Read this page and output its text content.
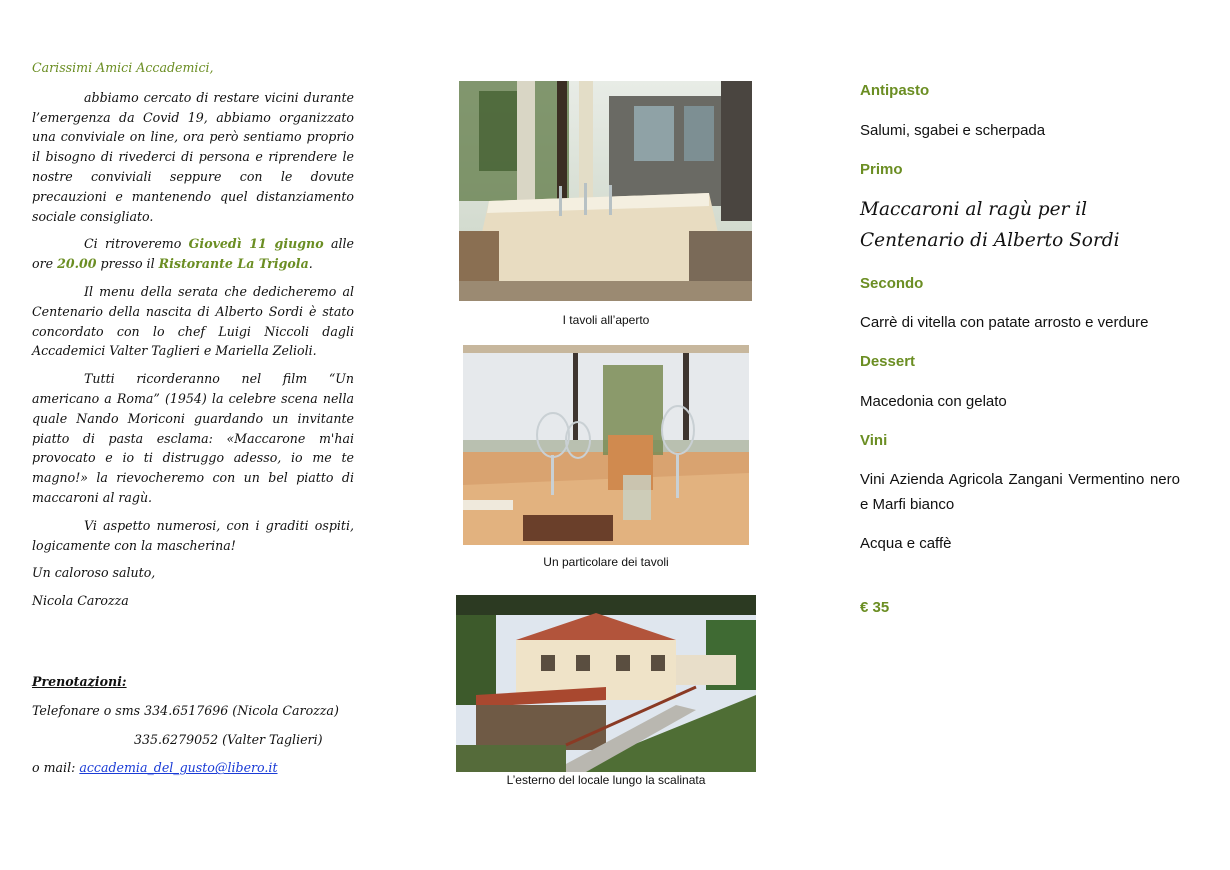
Carissimi Amici Accademici,

abbiamo cercato di restare vicini durante l’emergenza da Covid 19, abbiamo organizzato una conviviale on line, ora però sentiamo proprio il bisogno di rivederci di persona e riprendere le nostre conviviali seppure con le dovute precauzioni e mantenendo quel distanziamento sociale consigliato.

Ci ritroveremo Giovedì 11 giugno alle ore 20.00 presso il Ristorante La Trigola.

Il menu della serata che dedicheremo al Centenario della nascita di Alberto Sordi è stato concordato con lo chef Luigi Niccoli dagli Accademici Valter Taglieri e Mariella Zelioli.

Tutti ricorderanno nel film “Un americano a Roma” (1954) la celebre scena nella quale Nando Moriconi guardando un invitante piatto di pasta esclama: «Maccarone m'hai provocato e io ti distruggo adesso, io me te magno!» la rievocheremo con un bel piatto di maccaroni al ragù.

Vi aspetto numerosi, con i graditi ospiti, logicamente con la mascherina!

Un caloroso saluto,

Nicola Carozza

Prenotazioni:

Telefonare o sms 334.6517696 (Nicola Carozza)

335.6279052 (Valter Taglieri)

o mail: accademia_del_gusto@libero.it

I tavoli all’aperto
Un particolare dei tavoli
L’esterno del locale lungo la scalinata

Antipasto

Salumi, sgabei e scherpada

Primo

Maccaroni al ragù per il Centenario di Alberto Sordi

Secondo

Carrè di vitella con patate arrosto e verdure

Dessert

Macedonia con gelato

Vini

Vini Azienda Agricola Zangani Vermentino nero e Marfi bianco

Acqua e caffè

€ 35
